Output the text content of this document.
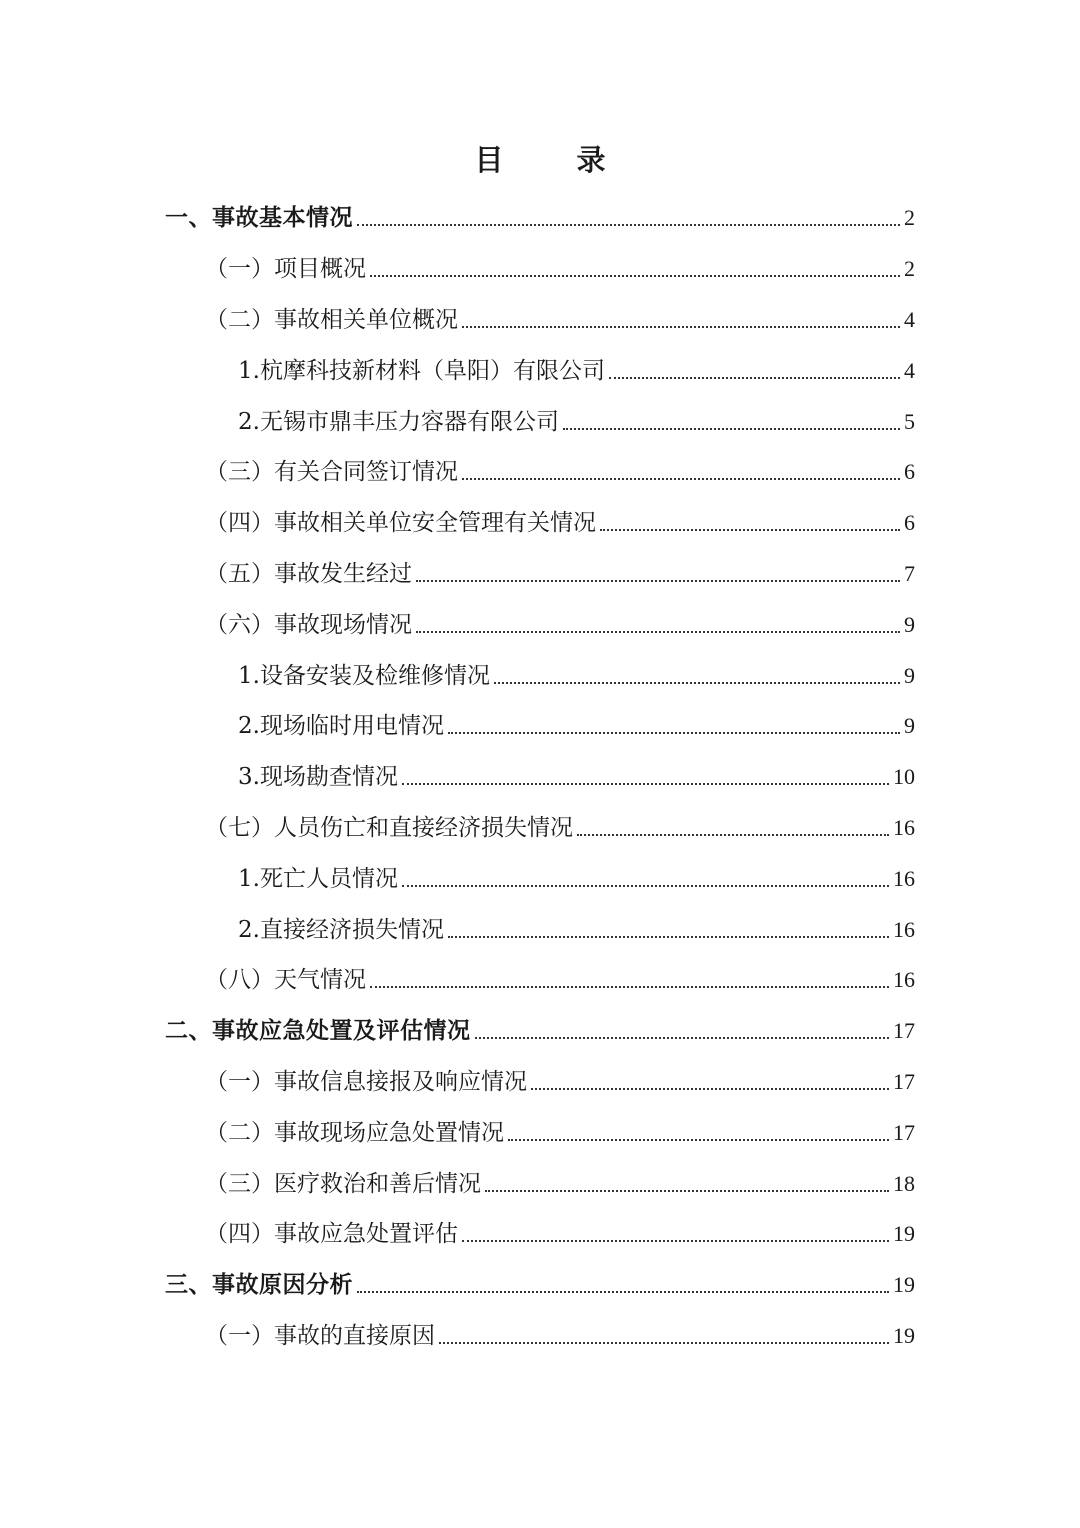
目　录
一、事故基本情况	2
（一）项目概况	2
（二）事故相关单位概况	4
1.杭摩科技新材料（阜阳）有限公司	4
2.无锡市鼎丰压力容器有限公司	5
（三）有关合同签订情况	6
（四）事故相关单位安全管理有关情况	6
（五）事故发生经过	7
（六）事故现场情况	9
1.设备安装及检维修情况	9
2.现场临时用电情况	9
3.现场勘查情况	10
（七）人员伤亡和直接经济损失情况	16
1.死亡人员情况	16
2.直接经济损失情况	16
（八）天气情况	16
二、事故应急处置及评估情况	17
（一）事故信息接报及响应情况	17
（二）事故现场应急处置情况	17
（三）医疗救治和善后情况	18
（四）事故应急处置评估	19
三、事故原因分析	19
（一）事故的直接原因	19
